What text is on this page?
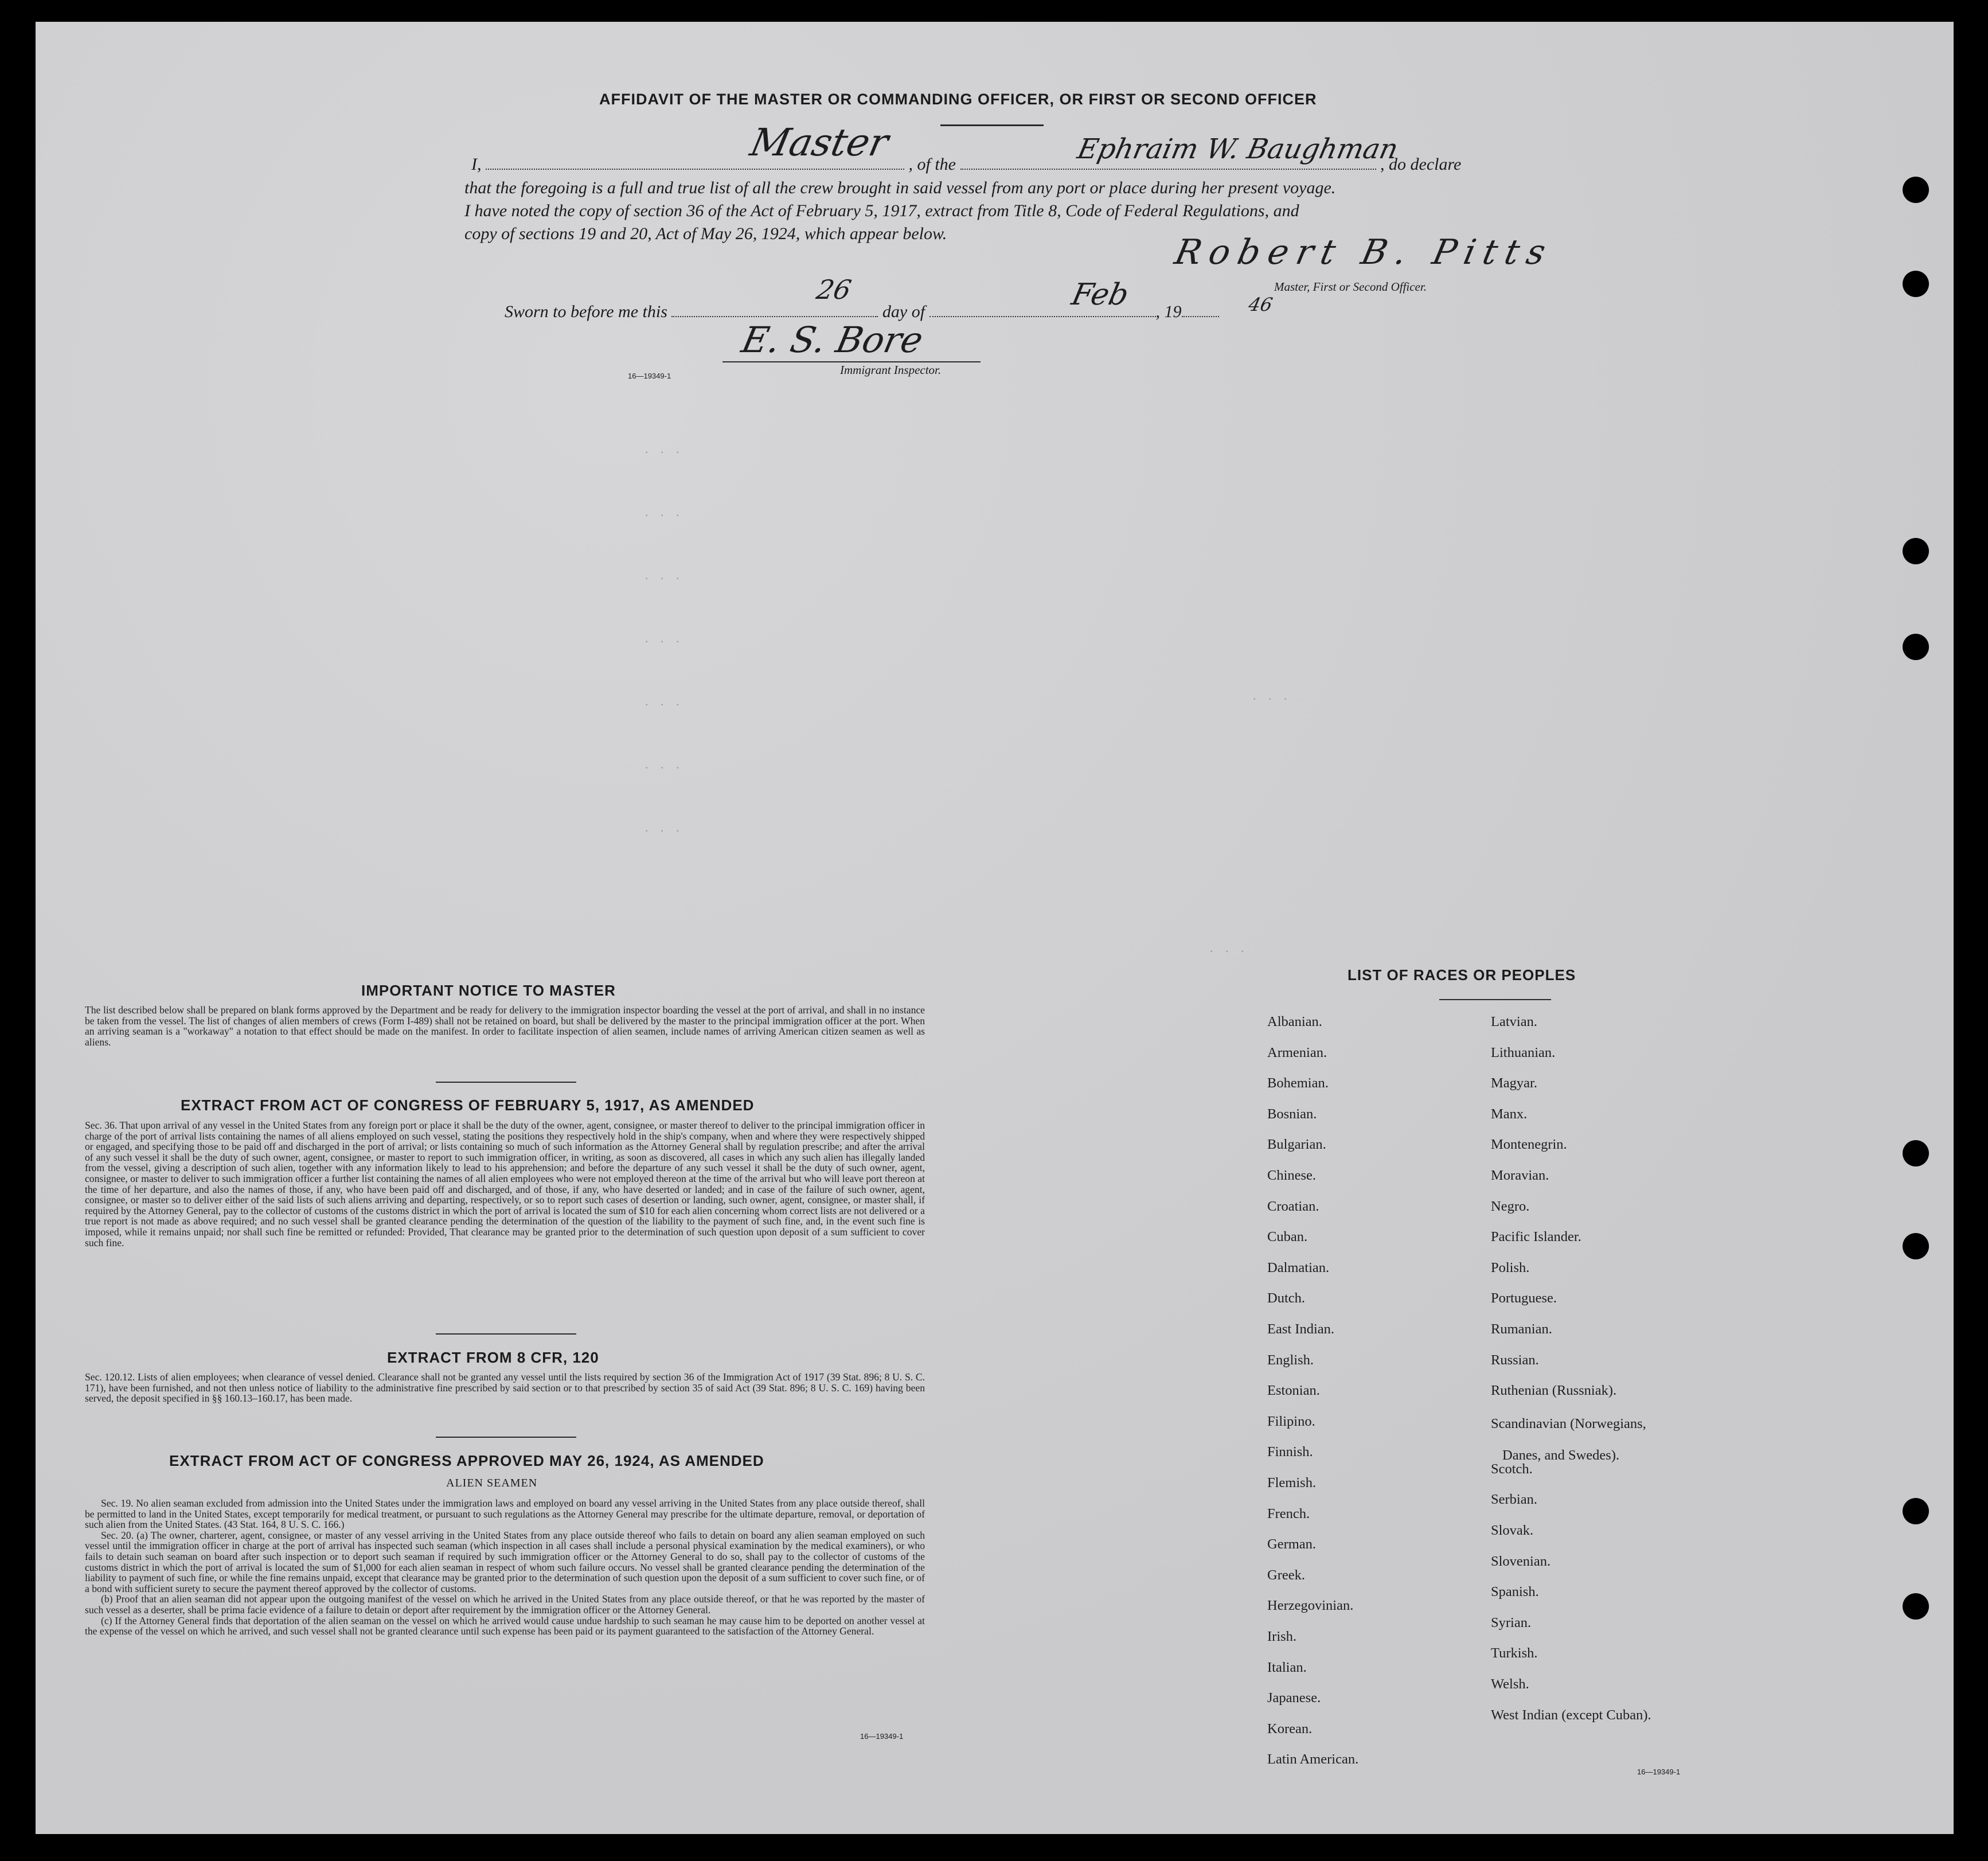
. . .
. . .
. . .
. . .
. . .
. . .
. . .
. . .
. . .
AFFIDAVIT OF THE MASTER OR COMMANDING OFFICER, OR FIRST OR SECOND OFFICER
I,	, of the	, do declare
Master	Ephraim W. Baughman
that the foregoing is a full and true list of all the crew brought in said vessel from any port or place during her present voyage.
I have noted the copy of section 36 of the Act of February 5, 1917, extract from Title 8, Code of Federal Regulations, and
copy of sections 19 and 20, Act of May 26, 1924, which appear below.	Robert B. Pitts
Master, First or Second Officer.
Sworn to before me this	day of	, 19
26	Feb	46
E. S. Bore
Immigrant Inspector.
16—19349-1
IMPORTANT NOTICE TO MASTER
The list described below shall be prepared on blank forms approved by the Department and be ready for delivery to the immigration inspector boarding the vessel at the port of arrival, and shall in no instance be taken from the vessel. The list of changes of alien members of crews (Form I-489) shall not be retained on board, but shall be delivered by the master to the principal immigration officer at the port. When an arriving seaman is a "workaway" a notation to that effect should be made on the manifest. In order to facilitate inspection of alien seamen, include names of arriving American citizen seamen as well as aliens.
EXTRACT FROM ACT OF CONGRESS OF FEBRUARY 5, 1917, AS AMENDED
Sec. 36. That upon arrival of any vessel in the United States from any foreign port or place it shall be the duty of the owner, agent, consignee, or master thereof to deliver to the principal immigration officer in charge of the port of arrival lists containing the names of all aliens employed on such vessel, stating the positions they respectively hold in the ship's company, when and where they were respectively shipped or engaged, and specifying those to be paid off and discharged in the port of arrival; or lists containing so much of such information as the Attorney General shall by regulation prescribe; and after the arrival of any such vessel it shall be the duty of such owner, agent, consignee, or master to report to such immigration officer, in writing, as soon as discovered, all cases in which any such alien has illegally landed from the vessel, giving a description of such alien, together with any information likely to lead to his apprehension; and before the departure of any such vessel it shall be the duty of such owner, agent, consignee, or master to deliver to such immigration officer a further list containing the names of all alien employees who were not employed thereon at the time of the arrival but who will leave port thereon at the time of her departure, and also the names of those, if any, who have been paid off and discharged, and of those, if any, who have deserted or landed; and in case of the failure of such owner, agent, consignee, or master so to deliver either of the said lists of such aliens arriving and departing, respectively, or so to report such cases of desertion or landing, such owner, agent, consignee, or master shall, if required by the Attorney General, pay to the collector of customs of the customs district in which the port of arrival is located the sum of $10 for each alien concerning whom correct lists are not delivered or a true report is not made as above required; and no such vessel shall be granted clearance pending the determination of the question of the liability to the payment of such fine, and, in the event such fine is imposed, while it remains unpaid; nor shall such fine be remitted or refunded: Provided, That clearance may be granted prior to the determination of such question upon deposit of a sum sufficient to cover such fine.
EXTRACT FROM 8 CFR, 120
Sec. 120.12. Lists of alien employees; when clearance of vessel denied. Clearance shall not be granted any vessel until the lists required by section 36 of the Immigration Act of 1917 (39 Stat. 896; 8 U. S. C. 171), have been furnished, and not then unless notice of liability to the administrative fine prescribed by said section or to that prescribed by section 35 of said Act (39 Stat. 896; 8 U. S. C. 169) having been served, the deposit specified in §§ 160.13–160.17, has been made.
EXTRACT FROM ACT OF CONGRESS APPROVED MAY 26, 1924, AS AMENDED
ALIEN SEAMEN

Sec. 19. No alien seaman excluded from admission into the United States under the immigration laws and employed on board any vessel arriving in the United States from any place outside thereof, shall be permitted to land in the United States, except temporarily for medical treatment, or pursuant to such regulations as the Attorney General may prescribe for the ultimate departure, removal, or deportation of such alien from the United States. (43 Stat. 164, 8 U. S. C. 166.)

Sec. 20. (a) The owner, charterer, agent, consignee, or master of any vessel arriving in the United States from any place outside thereof who fails to detain on board any alien seaman employed on such vessel until the immigration officer in charge at the port of arrival has inspected such seaman (which inspection in all cases shall include a personal physical examination by the medical examiners), or who fails to detain such seaman on board after such inspection or to deport such seaman if required by such immigration officer or the Attorney General to do so, shall pay to the collector of customs of the customs district in which the port of arrival is located the sum of $1,000 for each alien seaman in respect of whom such failure occurs. No vessel shall be granted clearance pending the determination of the liability to payment of such fine, or while the fine remains unpaid, except that clearance may be granted prior to the determination of such question upon the deposit of a sum sufficient to cover such fine, or of a bond with sufficient surety to secure the payment thereof approved by the collector of customs.

(b) Proof that an alien seaman did not appear upon the outgoing manifest of the vessel on which he arrived in the United States from any place outside thereof, or that he was reported by the master of such vessel as a deserter, shall be prima facie evidence of a failure to detain or deport after requirement by the immigration officer or the Attorney General.

(c) If the Attorney General finds that deportation of the alien seaman on the vessel on which he arrived would cause undue hardship to such seaman he may cause him to be deported on another vessel at the expense of the vessel on which he arrived, and such vessel shall not be granted clearance until such expense has been paid or its payment guaranteed to the satisfaction of the Attorney General.

16—19349-1
LIST OF RACES OR PEOPLES
Albanian.
Armenian.
Bohemian.
Bosnian.
Bulgarian.
Chinese.
Croatian.
Cuban.
Dalmatian.
Dutch.
East Indian.
English.
Estonian.
Filipino.
Finnish.
Flemish.
French.
German.
Greek.
Herzegovinian.
Irish.
Italian.
Japanese.
Korean.
Latin American.
Latvian.
Lithuanian.
Magyar.
Manx.
Montenegrin.
Moravian.
Negro.
Pacific Islander.
Polish.
Portuguese.
Rumanian.
Russian.
Ruthenian (Russniak).
Scandinavian (Norwegians,
Danes, and Swedes).
Scotch.
Serbian.
Slovak.
Slovenian.
Spanish.
Syrian.
Turkish.
Welsh.
West Indian (except Cuban).
16—19349-1
